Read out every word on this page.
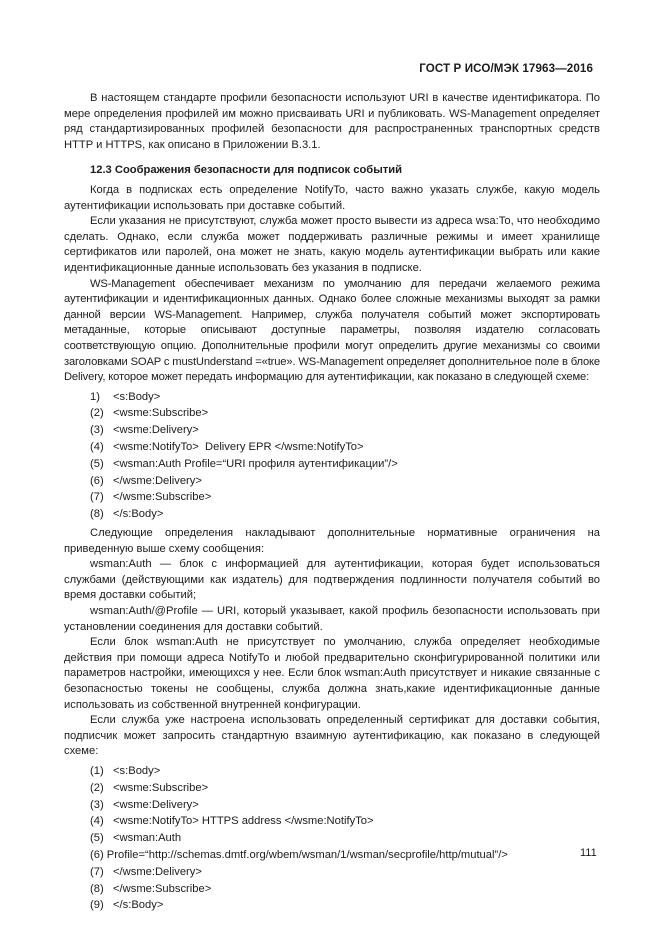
ГОСТ Р ИСО/МЭК 17963—2016

В настоящем стандарте профили безопасности используют URI в качестве идентификатора. По мере определения профилей им можно присваивать URI и публиковать. WS-Management определяет ряд стандартизированных профилей безопасности для распространенных транспортных средств HTTP и HTTPS, как описано в Приложении В.3.1.

12.3 Соображения безопасности для подписок событий

Когда в подписках есть определение NotifyTo, часто важно указать службе, какую модель аутентификации использовать при доставке событий.

Если указания не присутствуют, служба может просто вывести из адреса wsa:To, что необходимо сделать. Однако, если служба может поддерживать различные режимы и имеет хранилище сертификатов или паролей, она может не знать, какую модель аутентификации выбрать или какие идентификационные данные использовать без указания в подписке.

WS-Management обеспечивает механизм по умолчанию для передачи желаемого режима аутентификации и идентификационных данных. Однако более сложные механизмы выходят за рамки данной версии WS-Management. Например, служба получателя событий может экспортировать метаданные, которые описывают доступные параметры, позволяя издателю согласовать соответствующую опцию. Дополнительные профили могут определить другие механизмы со своими заголовками SOAP с mustUnderstand =«true». WS-Management определяет дополнительное поле в блоке Delivery, которое может передать информацию для аутентификации, как показано в следующей схеме:

1) <s:Body>
(2) <wsme:Subscribe>
(3) <wsme:Delivery>
(4) <wsme:NotifyTo>  Delivery EPR </wsme:NotifyTo>
(5) <wsman:Auth Profile=“URI профиля аутентификации”/>
(6) </wsme:Delivery>
(7) </wsme:Subscribe>
(8) </s:Body>

Следующие определения накладывают дополнительные нормативные ограничения на приведенную выше схему сообщения:

wsman:Auth — блок с информацией для аутентификации, которая будет использоваться службами (действующими как издатель) для подтверждения подлинности получателя событий во время доставки событий;

wsman:Auth/@Profile — URI, который указывает, какой профиль безопасности использовать при установлении соединения для доставки событий.

Если блок wsman:Auth не присутствует по умолчанию, служба определяет необходимые действия при помощи адреса NotifyTo и любой предварительно сконфигурированной политики или параметров настройки, имеющихся у нее. Если блок wsman:Auth присутствует и никакие связанные с безопасностью токены не сообщены, служба должна знать,какие идентификационные данные использовать из собственной внутренней конфигурации.

Если служба уже настроена использовать определенный сертификат для доставки события, подписчик может запросить стандартную взаимную аутентификацию, как показано в следующей схеме:

(1) <s:Body>
(2) <wsme:Subscribe>
(3) <wsme:Delivery>
(4) <wsme:NotifyTo> HTTPS address </wsme:NotifyTo>
(5) <wsman:Auth
(6) Profile=“http://schemas.dmtf.org/wbem/wsman/1/wsman/secprofile/http/mutual”/>
(7) </wsme:Delivery>
(8) </wsme:Subscribe>
(9) </s:Body>
111
